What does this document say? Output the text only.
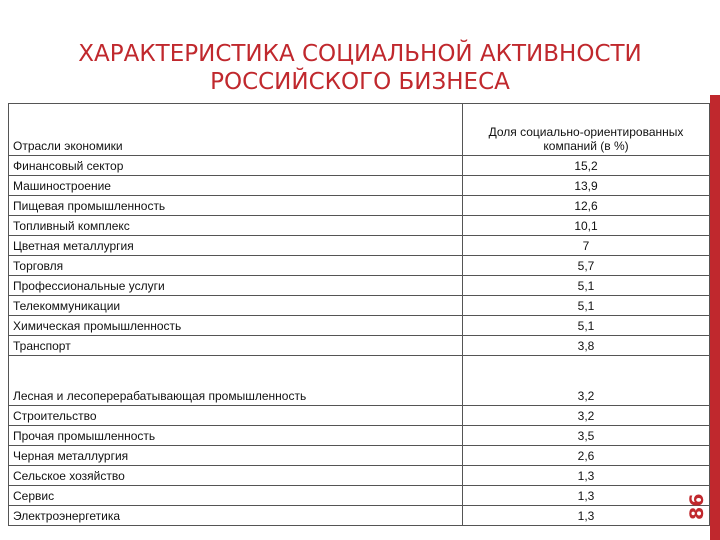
ХАРАКТЕРИСТИКА СОЦИАЛЬНОЙ АКТИВНОСТИ
РОССИЙСКОГО БИЗНЕСА
Отрасли экономики	Доля социально-ориентированных компаний (в %)
Финансовый сектор	15,2
Машиностроение	13,9
Пищевая промышленность	12,6
Топливный комплекс	10,1
Цветная металлургия	7
Торговля	5,7
Профессиональные услуги	5,1
Телекоммуникации	5,1
Химическая промышленность	5,1
Транспорт	3,8
Лесная и лесоперерабатывающая промышленность	3,2
Строительство	3,2
Прочая промышленность	3,5
Черная металлургия	2,6
Сельское хозяйство	1,3
Сервис	1,3
Электроэнергетика	1,3	86
